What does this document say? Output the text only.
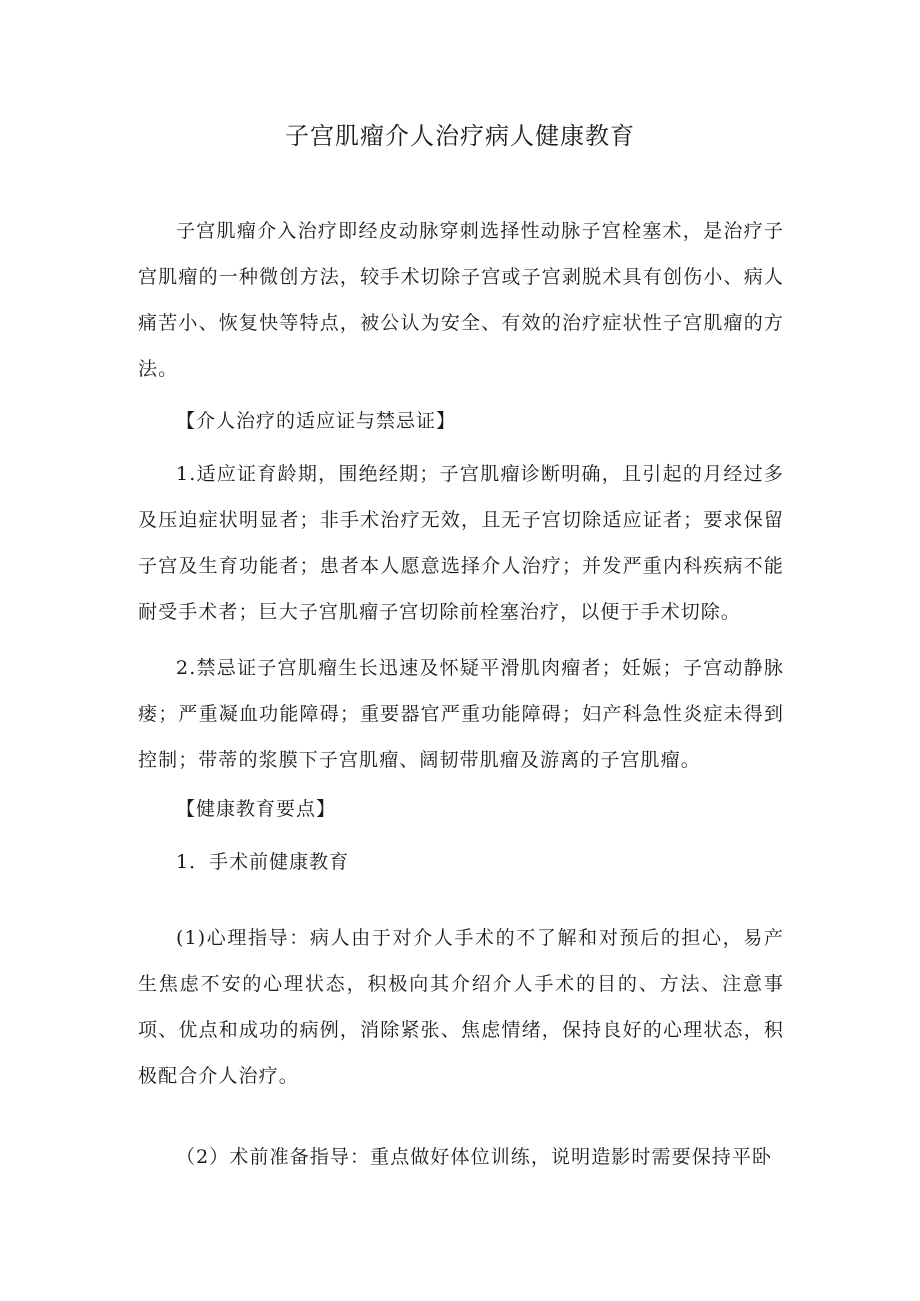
子宫肌瘤介人治疗病人健康教育

子宫肌瘤介入治疗即经皮动脉穿刺选择性动脉子宫栓塞术，是治疗子宫肌瘤的一种微创方法，较手术切除子宫或子宫剥脱术具有创伤小、病人痛苦小、恢复快等特点，被公认为安全、有效的治疗症状性子宫肌瘤的方法。

【介人治疗的适应证与禁忌证】

1.适应证育龄期，围绝经期；子宫肌瘤诊断明确，且引起的月经过多及压迫症状明显者；非手术治疗无效，且无子宫切除适应证者；要求保留子宫及生育功能者；患者本人愿意选择介人治疗；并发严重内科疾病不能耐受手术者；巨大子宫肌瘤子宫切除前栓塞治疗，以便于手术切除。

2.禁忌证子宫肌瘤生长迅速及怀疑平滑肌肉瘤者；妊娠；子宫动静脉瘘；严重凝血功能障碍；重要器官严重功能障碍；妇产科急性炎症未得到控制；带蒂的浆膜下子宫肌瘤、阔韧带肌瘤及游离的子宫肌瘤。

【健康教育要点】
1．手术前健康教育

(1)心理指导：病人由于对介人手术的不了解和对预后的担心，易产生焦虑不安的心理状态，积极向其介绍介人手术的目的、方法、注意事项、优点和成功的病例，消除紧张、焦虑情绪，保持良好的心理状态，积极配合介人治疗。

（2）术前准备指导：重点做好体位训练，说明造影时需要保持平卧
